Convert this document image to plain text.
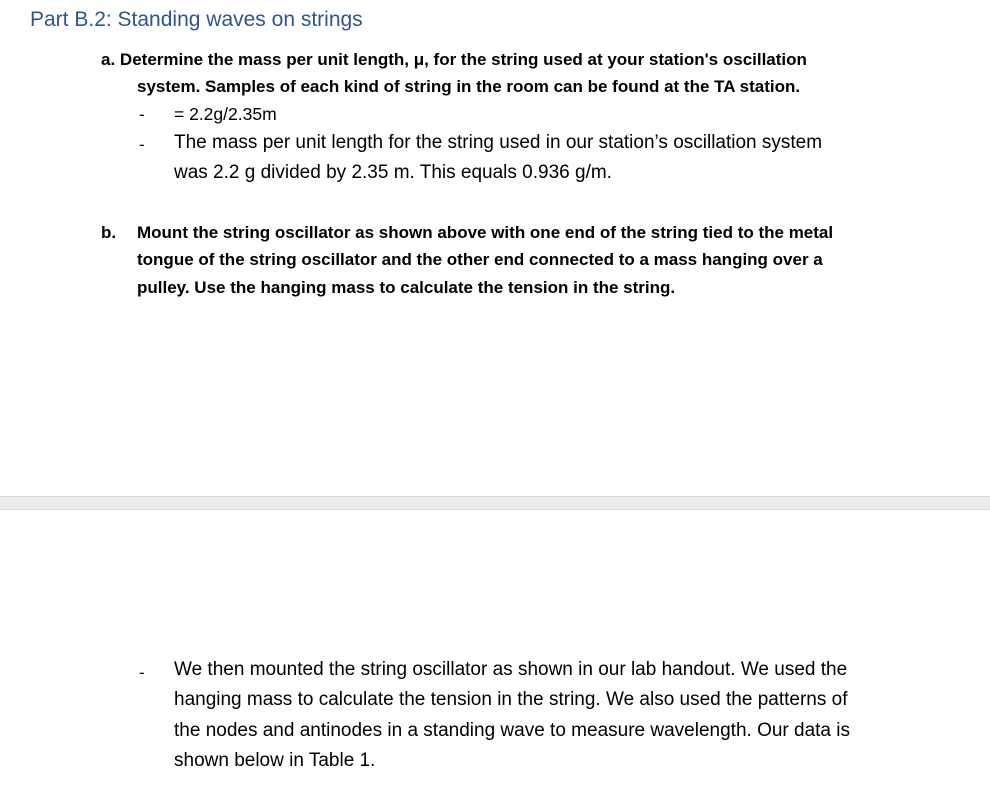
Part B.2: Standing waves on strings
a. Determine the mass per unit length, μ, for the string used at your station's oscillation
system. Samples of each kind of string in the room can be found at the TA station.
- = 2.2g/2.35m
- The mass per unit length for the string used in our station’s oscillation system
was 2.2 g divided by 2.35 m. This equals 0.936 g/m.
b. Mount the string oscillator as shown above with one end of the string tied to the metal
tongue of the string oscillator and the other end connected to a mass hanging over a
pulley. Use the hanging mass to calculate the tension in the string.
- We then mounted the string oscillator as shown in our lab handout. We used the
hanging mass to calculate the tension in the string. We also used the patterns of
the nodes and antinodes in a standing wave to measure wavelength. Our data is
shown below in Table 1.
